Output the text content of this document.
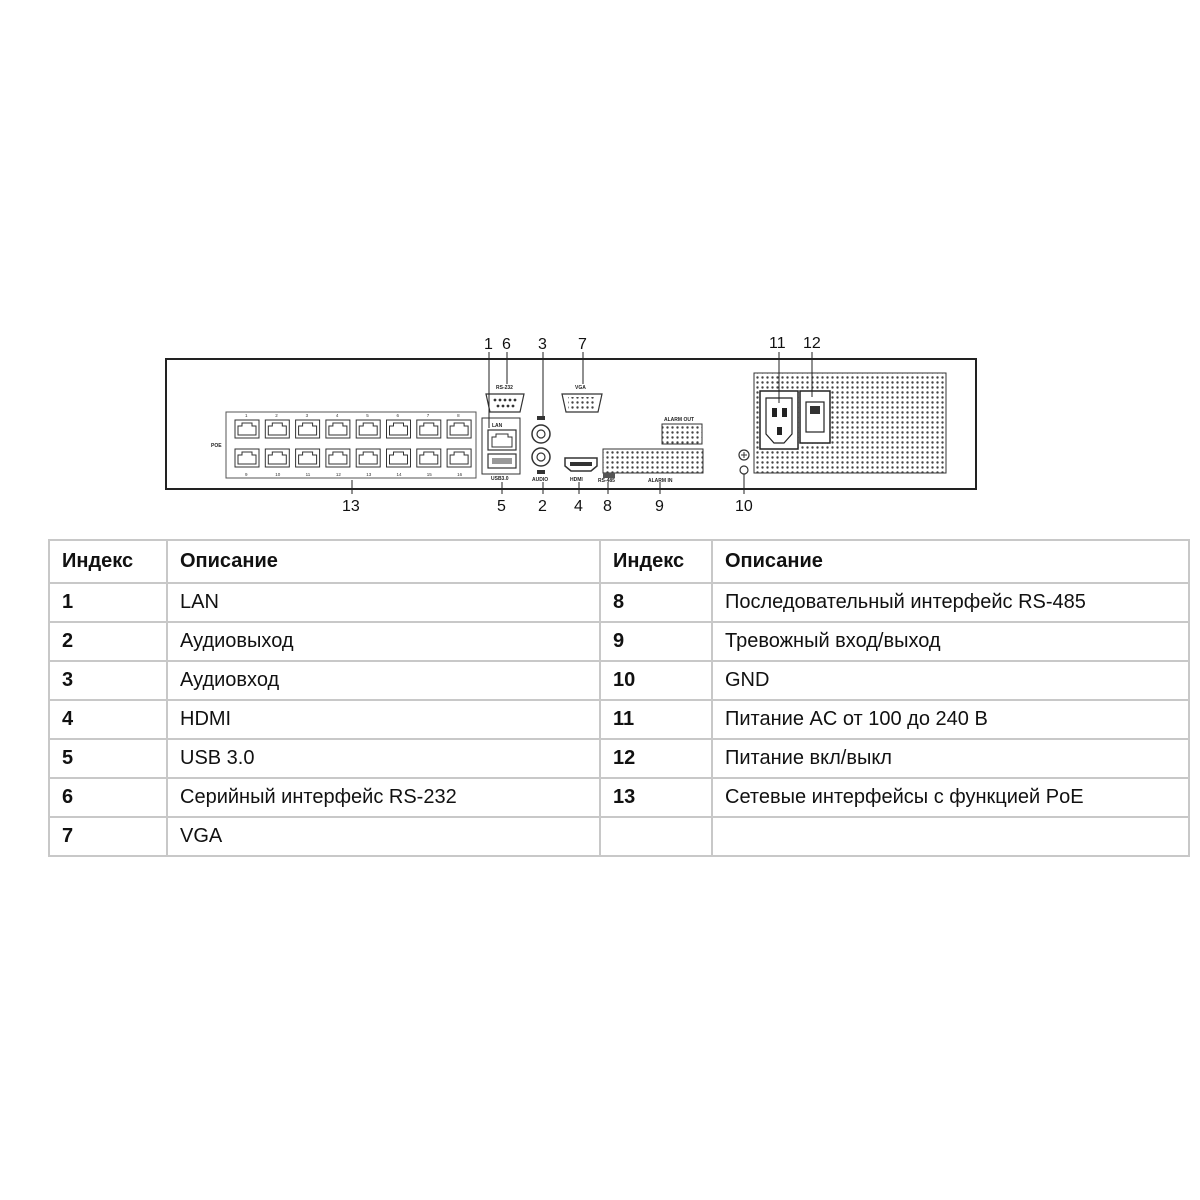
POE
1	2	3	4	5	6	7	8
9	10	11	12	13	14	15	16
LAN
USB3.0
RS-232
AUDIO
VGA
HDMI
ALARM OUT
RS-485	ALARM IN
1 6 3 7	11 12
13	5 2 4 8	9	10
Индекс	Описание	Индекс	Описание
1	LAN	8	Последовательный интерфейс RS-485
2	Аудиовыход	9	Тревожный вход/выход
3	Аудиовход	10	GND
4	HDMI	11	Питание AC от 100 до 240 В
5	USB 3.0	12	Питание вкл/выкл
6	Серийный интерфейс RS-232	13	Сетевые интерфейсы с функцией PoE
7	VGA		
